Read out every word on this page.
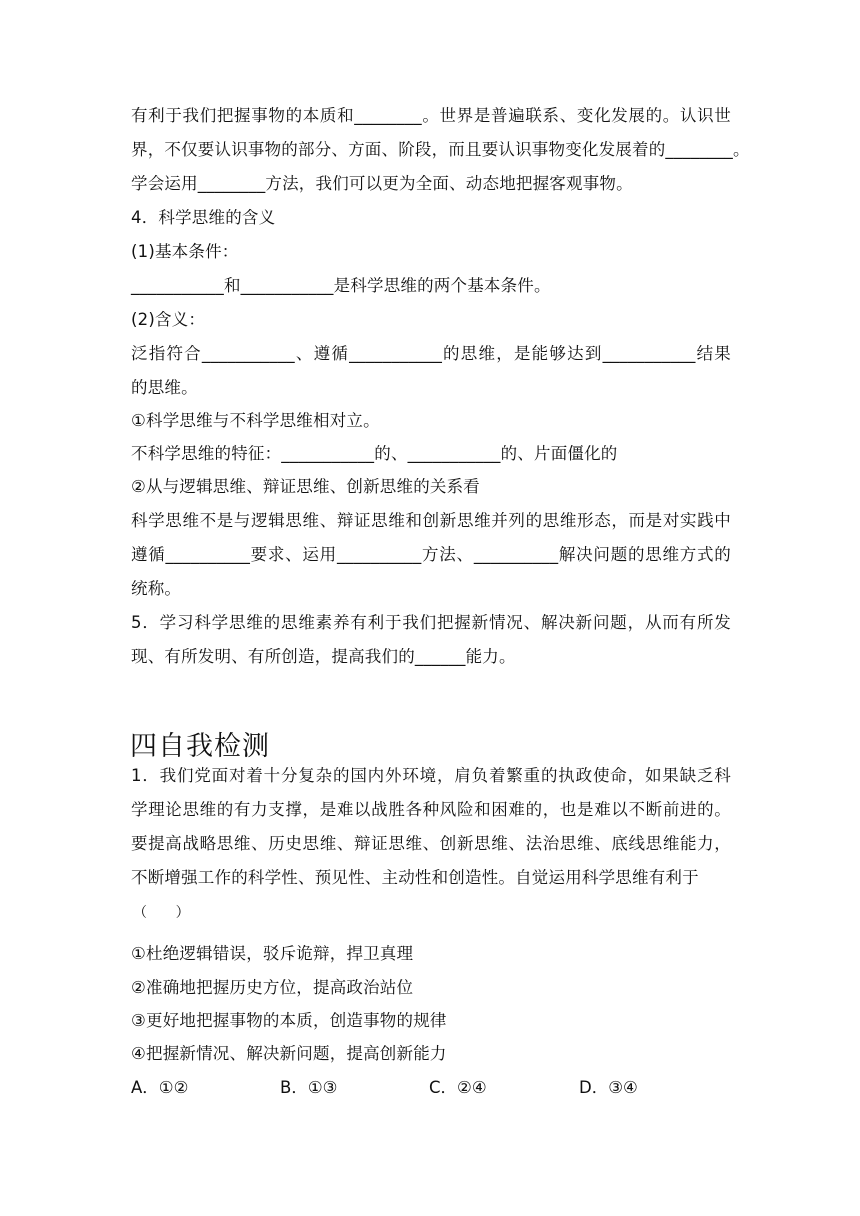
有利于我们把握事物的本质和________。世界是普遍联系、变化发展的。认识世
界，不仅要认识事物的部分、方面、阶段，而且要认识事物变化发展着的________。
学会运用________方法，我们可以更为全面、动态地把握客观事物。
4．科学思维的含义
(1)基本条件：
___________和___________是科学思维的两个基本条件。
(2)含义：
泛指符合___________、遵循___________的思维，是能够达到___________结果
的思维。
①科学思维与不科学思维相对立。
不科学思维的特征：___________的、___________的、片面僵化的
②从与逻辑思维、辩证思维、创新思维的关系看
科学思维不是与逻辑思维、辩证思维和创新思维并列的思维形态，而是对实践中
遵循__________要求、运用__________方法、__________解决问题的思维方式的
统称。
5．学习科学思维的思维素养有利于我们把握新情况、解决新问题，从而有所发
现、有所发明、有所创造，提高我们的______能力。
四自我检测
1．我们党面对着十分复杂的国内外环境，肩负着繁重的执政使命，如果缺乏科
学理论思维的有力支撑，是难以战胜各种风险和困难的，也是难以不断前进的。
要提高战略思维、历史思维、辩证思维、创新思维、法治思维、底线思维能力，
不断增强工作的科学性、预见性、主动性和创造性。自觉运用科学思维有利于
（　　）
①杜绝逻辑错误，驳斥诡辩，捍卫真理
②准确地把握历史方位，提高政治站位
③更好地把握事物的本质，创造事物的规律
④把握新情况、解决新问题，提高创新能力
A．①②	B．①③	C．②④	D．③④
